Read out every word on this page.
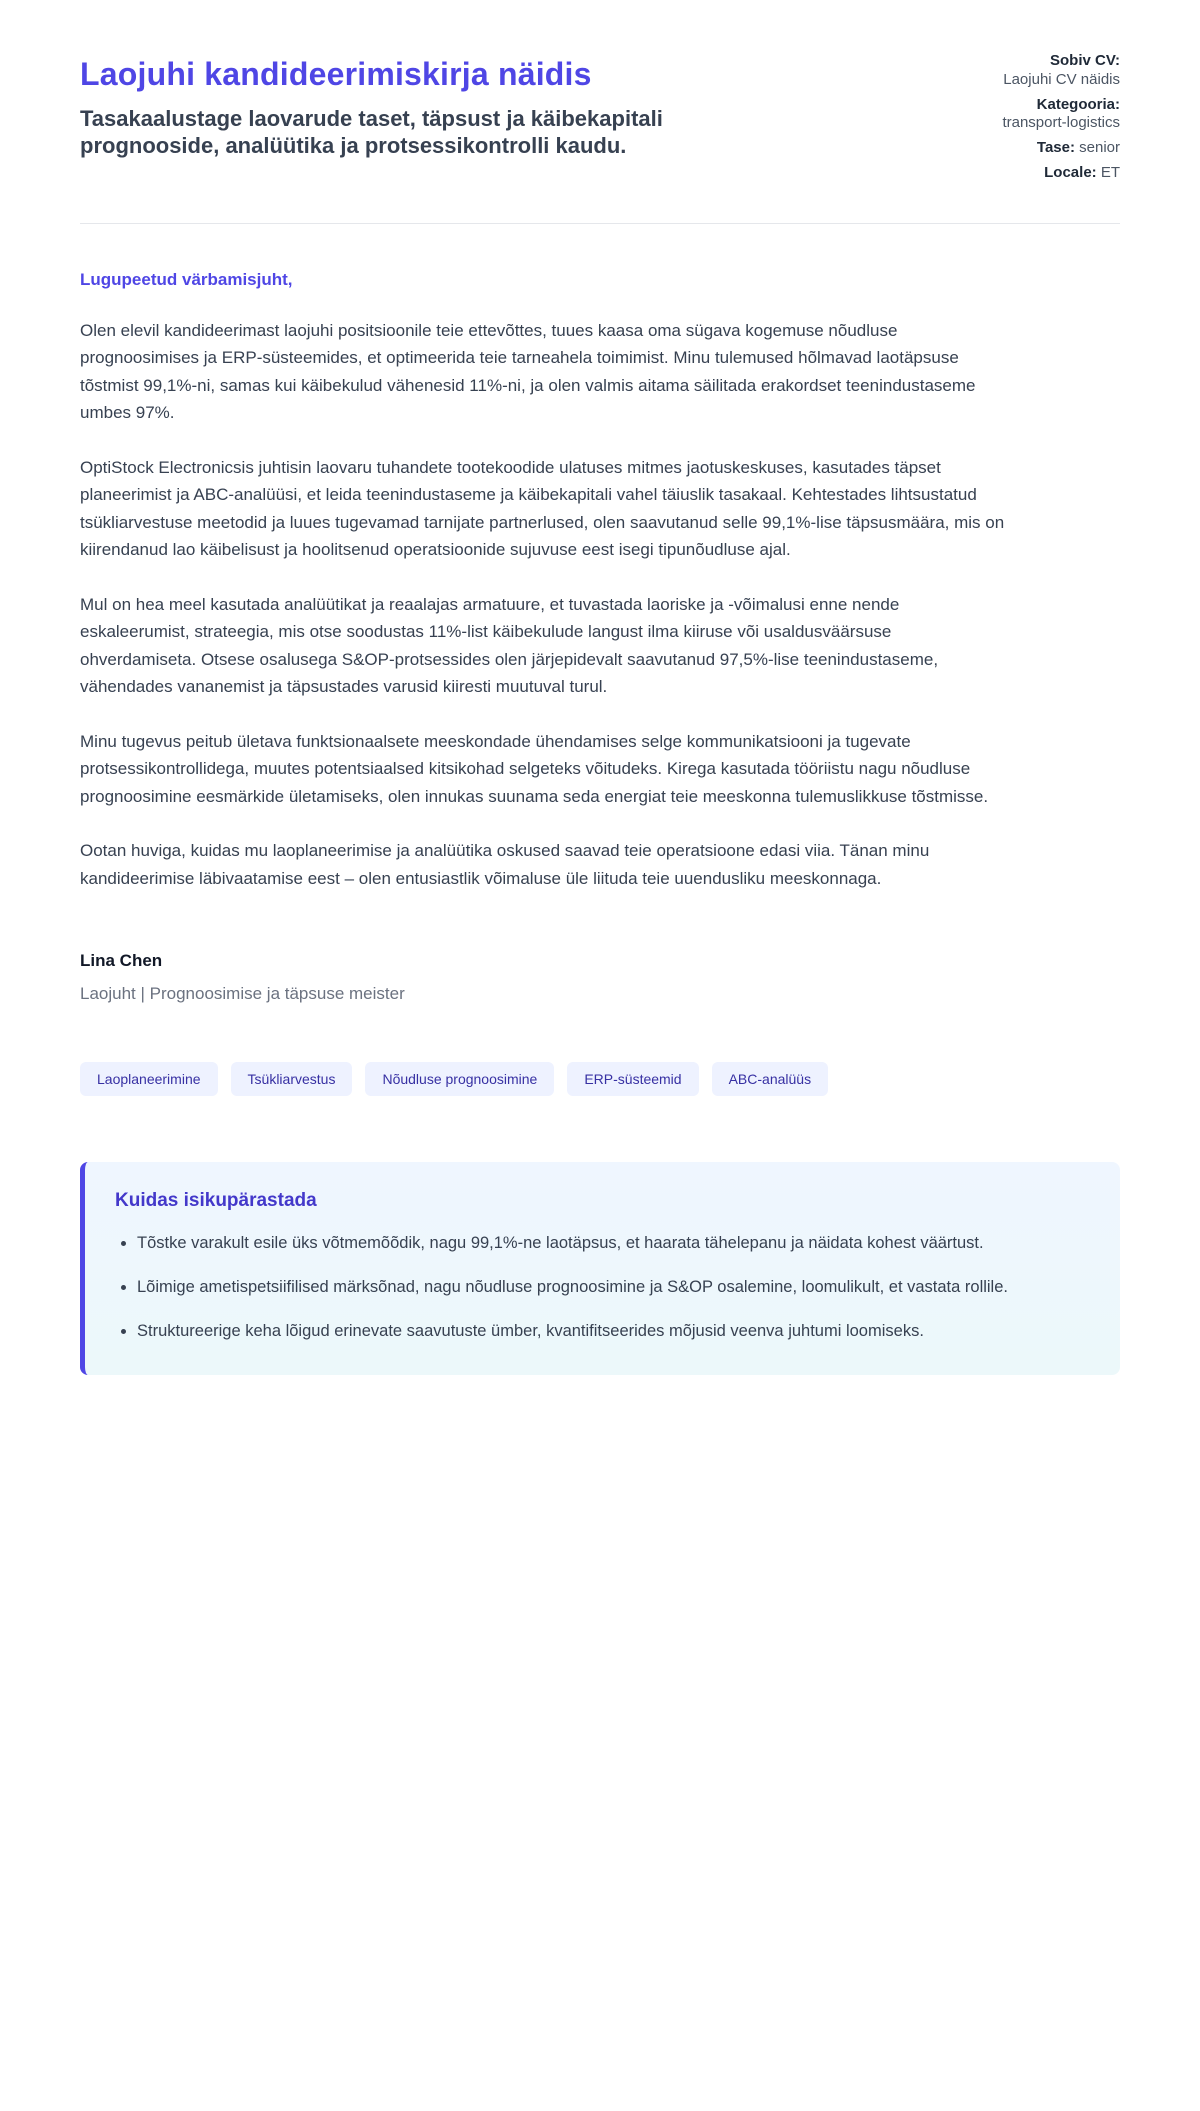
Laojuhi kandideerimiskirja näidis

Tasakaalustage laovarude taset, täpsust ja käibekapitali prognooside, analüütika ja protsessikontrolli kaudu.

Sobiv CV:
Laojuhi CV näidis
Kategooria:
transport-logistics
Tase: senior
Locale: ET
Lugupeetud värbamisjuht,

Olen elevil kandideerimast laojuhi positsioonile teie ettevõttes, tuues kaasa oma sügava kogemuse nõudluse prognoosimises ja ERP-süsteemides, et optimeerida teie tarneahela toimimist. Minu tulemused hõlmavad laotäpsuse tõstmist 99,1%-ni, samas kui käibekulud vähenesid 11%-ni, ja olen valmis aitama säilitada erakordset teenindustaseme umbes 97%.

OptiStock Electronicsis juhtisin laovaru tuhandete tootekoodide ulatuses mitmes jaotuskeskuses, kasutades täpset planeerimist ja ABC-analüüsi, et leida teenindustaseme ja käibekapitali vahel täiuslik tasakaal. Kehtestades lihtsustatud tsükliarvestuse meetodid ja luues tugevamad tarnijate partnerlused, olen saavutanud selle 99,1%-lise täpsusmäära, mis on kiirendanud lao käibelisust ja hoolitsenud operatsioonide sujuvuse eest isegi tipunõudluse ajal.

Mul on hea meel kasutada analüütikat ja reaalajas armatuure, et tuvastada laoriske ja -võimalusi enne nende eskaleerumist, strateegia, mis otse soodustas 11%-list käibekulude langust ilma kiiruse või usaldusväärsuse ohverdamiseta. Otsese osalusega S&OP-protsessides olen järjepidevalt saavutanud 97,5%-lise teenindustaseme, vähendades vananemist ja täpsustades varusid kiiresti muutuval turul.

Minu tugevus peitub ületava funktsionaalsete meeskondade ühendamises selge kommunikatsiooni ja tugevate protsessikontrollidega, muutes potentsiaalsed kitsikohad selgeteks võitudeks. Kirega kasutada tööriistu nagu nõudluse prognoosimine eesmärkide ületamiseks, olen innukas suunama seda energiat teie meeskonna tulemuslikkuse tõstmisse.

Ootan huviga, kuidas mu laoplaneerimise ja analüütika oskused saavad teie operatsioone edasi viia. Tänan minu kandideerimise läbivaatamise eest – olen entusiastlik võimaluse üle liituda teie uuendusliku meeskonnaga.

Lina Chen
Laojuht | Prognoosimise ja täpsuse meister
Laoplaneerimine	Tsükliarvestus	Nõudluse prognoosimine	ERP-süsteemid	ABC-analüüs
Kuidas isikupärastada
• Tõstke varakult esile üks võtmemõõdik, nagu 99,1%-ne laotäpsus, et haarata tähelepanu ja näidata kohest väärtust.
• Lõimige ametispetsiifilised märksõnad, nagu nõudluse prognoosimine ja S&OP osalemine, loomulikult, et vastata rollile.
• Struktureerige keha lõigud erinevate saavutuste ümber, kvantifitseerides mõjusid veenva juhtumi loomiseks.
